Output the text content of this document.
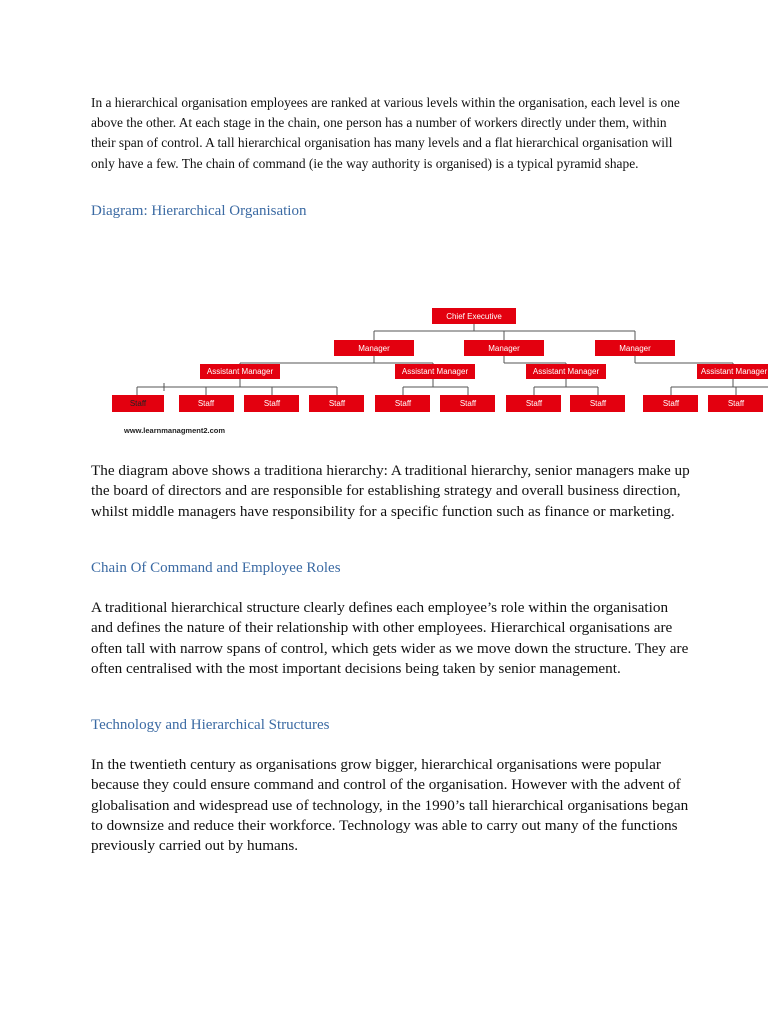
In a hierarchical organisation employees are ranked at various levels within the organisation, each level is one above the other. At each stage in the chain, one person has a number of workers directly under them, within their span of control. A tall hierarchical organisation has many levels and a flat hierarchical organisation will only have a few. The chain of command (ie the way authority is organised) is a typical pyramid shape.

Diagram: Hierarchical Organisation
Chief Executive
Manager	Manager	Manager
Assistant Manager	Assistant Manager	Assistant Manager	Assistant Manager
Staff	Staff	Staff	Staff	Staff	Staff	Staff	Staff	Staff	Staff
www.learnmanagment2.com

The diagram above shows a traditiona hierarchy: A traditional hierarchy, senior managers make up the board of directors and are responsible for establishing strategy and overall business direction, whilst middle managers have responsibility for a specific function such as finance or marketing.

Chain Of Command and Employee Roles

A traditional hierarchical structure clearly defines each employee’s role within the organisation and defines the nature of their relationship with other employees. Hierarchical organisations are often tall with narrow spans of control, which gets wider as we move down the structure. They are often centralised with the most important decisions being taken by senior management.

Technology and Hierarchical Structures

In the twentieth century as organisations grow bigger, hierarchical organisations were popular because they could ensure command and control of the organisation. However with the advent of globalisation and widespread use of technology, in the 1990’s tall hierarchical organisations began to downsize and reduce their workforce. Technology was able to carry out many of the functions previously carried out by humans.
